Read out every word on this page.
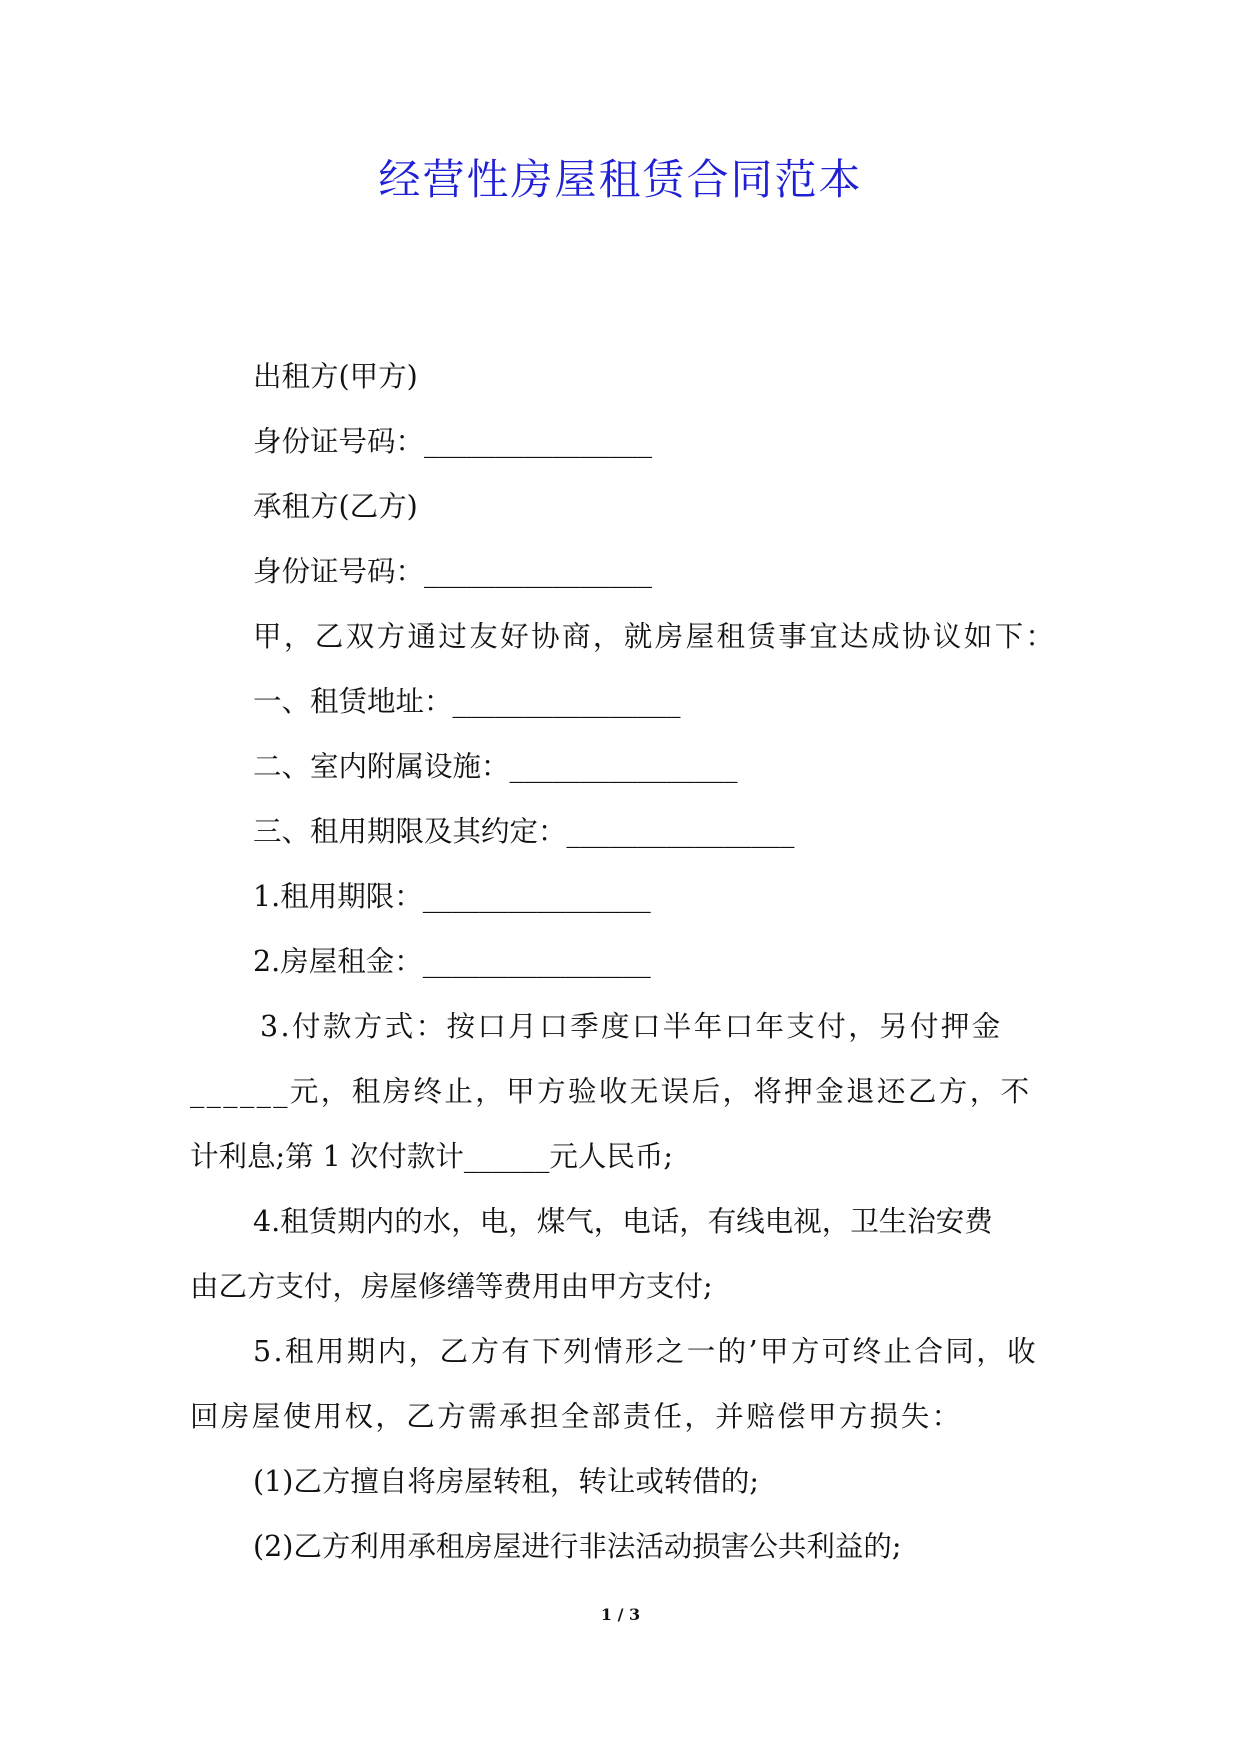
经营性房屋租赁合同范本
出租方(甲方)
身份证号码：________________
承租方(乙方)
身份证号码：________________
甲，乙双方通过友好协商，就房屋租赁事宜达成协议如下：
一、租赁地址：________________
二、室内附属设施：________________
三、租用期限及其约定：________________
1.租用期限：________________
2.房屋租金：________________
3.付款方式：按口月口季度口半年口年支付，另付押金
______元，租房终止，甲方验收无误后，将押金退还乙方，不
计利息;第 1 次付款计______元人民币;
4.租赁期内的水，电，煤气，电话，有线电视，卫生治安费
由乙方支付，房屋修缮等费用由甲方支付;
5.租用期内，乙方有下列情形之一的’甲方可终止合同，收
回房屋使用权，乙方需承担全部责任，并赔偿甲方损失：
(1)乙方擅自将房屋转租，转让或转借的;
(2)乙方利用承租房屋进行非法活动损害公共利益的;
1 / 3
